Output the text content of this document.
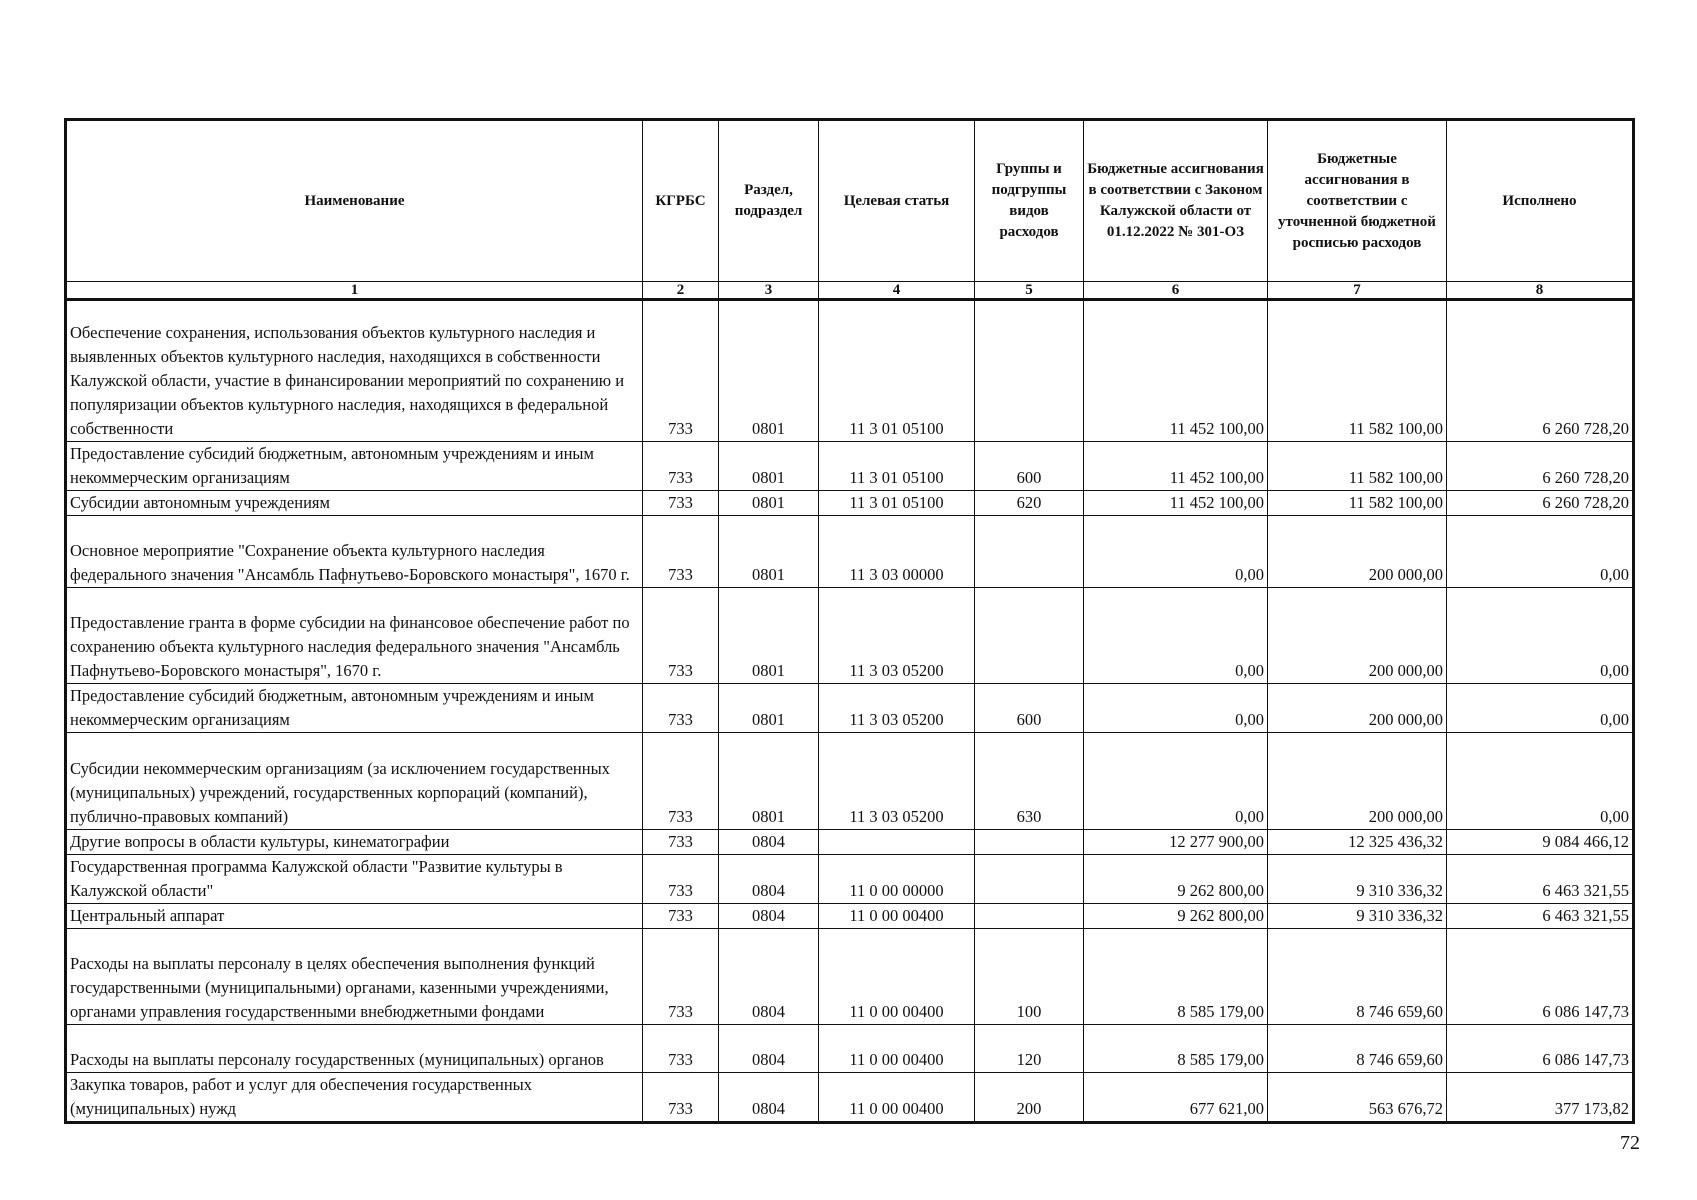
Наименование	КГРБС	Раздел, подраздел	Целевая статья	Группы и подгруппы видов расходов	Бюджетные ассигнования в соответствии с Законом Калужской области от 01.12.2022 № 301-ОЗ	Бюджетные ассигнования в соответствии с уточненной бюджетной росписью расходов	Исполнено
1	2	3	4	5	6	7	8
Обеспечение сохранения, использования объектов культурного наследия и выявленных объектов культурного наследия, находящихся в собственности Калужской области, участие в финансировании мероприятий по сохранению и популяризации объектов культурного наследия, находящихся в федеральной собственности	733	0801	11 3 01 05100		11 452 100,00	11 582 100,00	6 260 728,20
Предоставление субсидий бюджетным, автономным учреждениям и иным некоммерческим организациям	733	0801	11 3 01 05100	600	11 452 100,00	11 582 100,00	6 260 728,20
Субсидии автономным учреждениям	733	0801	11 3 01 05100	620	11 452 100,00	11 582 100,00	6 260 728,20
Основное мероприятие "Сохранение объекта культурного наследия федерального значения "Ансамбль Пафнутьево-Боровского монастыря", 1670 г.	733	0801	11 3 03 00000		0,00	200 000,00	0,00
Предоставление гранта в форме субсидии на финансовое обеспечение работ по сохранению объекта культурного наследия федерального значения "Ансамбль Пафнутьево-Боровского монастыря", 1670 г.	733	0801	11 3 03 05200		0,00	200 000,00	0,00
Предоставление субсидий бюджетным, автономным учреждениям и иным некоммерческим организациям	733	0801	11 3 03 05200	600	0,00	200 000,00	0,00
Субсидии некоммерческим организациям (за исключением государственных (муниципальных) учреждений, государственных корпораций (компаний), публично-правовых компаний)	733	0801	11 3 03 05200	630	0,00	200 000,00	0,00
Другие вопросы в области культуры, кинематографии	733	0804			12 277 900,00	12 325 436,32	9 084 466,12
Государственная программа Калужской области "Развитие культуры в Калужской области"	733	0804	11 0 00 00000		9 262 800,00	9 310 336,32	6 463 321,55
Центральный аппарат	733	0804	11 0 00 00400		9 262 800,00	9 310 336,32	6 463 321,55
Расходы на выплаты персоналу в целях обеспечения выполнения функций государственными (муниципальными) органами, казенными учреждениями, органами управления государственными внебюджетными фондами	733	0804	11 0 00 00400	100	8 585 179,00	8 746 659,60	6 086 147,73
Расходы на выплаты персоналу государственных (муниципальных) органов	733	0804	11 0 00 00400	120	8 585 179,00	8 746 659,60	6 086 147,73
Закупка товаров, работ и услуг для обеспечения государственных (муниципальных) нужд	733	0804	11 0 00 00400	200	677 621,00	563 676,72	377 173,82
72
